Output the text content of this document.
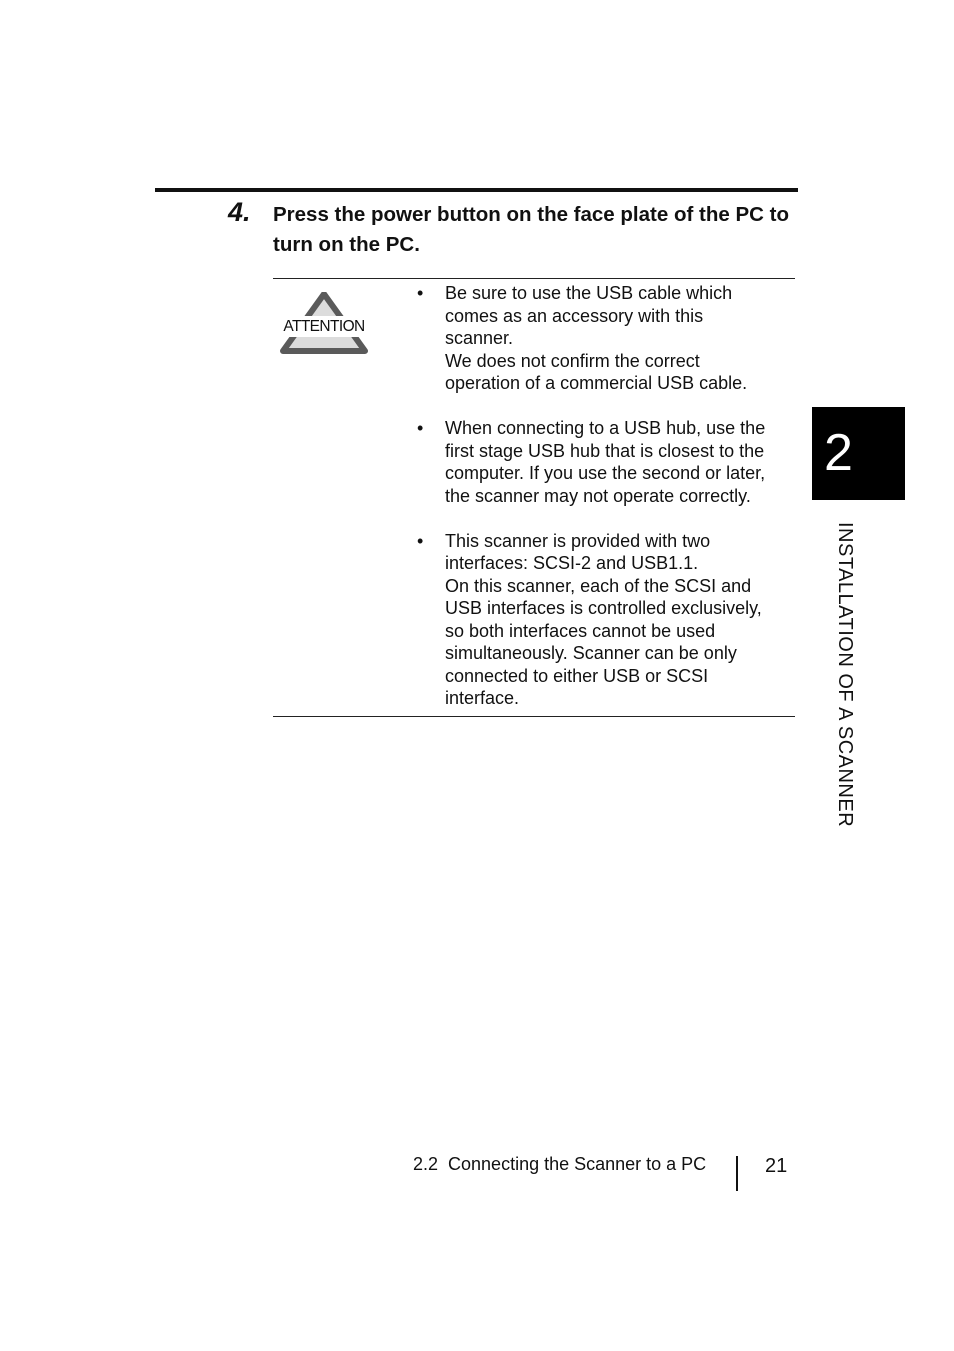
4. Press the power button on the face plate of the PC to turn on the PC.
ATTENTION
• Be sure to use the USB cable which
comes as an accessory with this
scanner.
We does not confirm the correct
operation of a commercial USB cable.
• When connecting to a USB hub, use the
first stage USB hub that is closest to the
computer. If you use the second or later,
the scanner may not operate correctly.
• This scanner is provided with two
interfaces: SCSI-2 and USB1.1.
On this scanner, each of the SCSI and
USB interfaces is controlled exclusively,
so both interfaces cannot be used
simultaneously. Scanner can be only
connected to either USB or SCSI
interface.
2
INSTALLATION OF A SCANNER
2.2  Connecting the Scanner to a PC	21
